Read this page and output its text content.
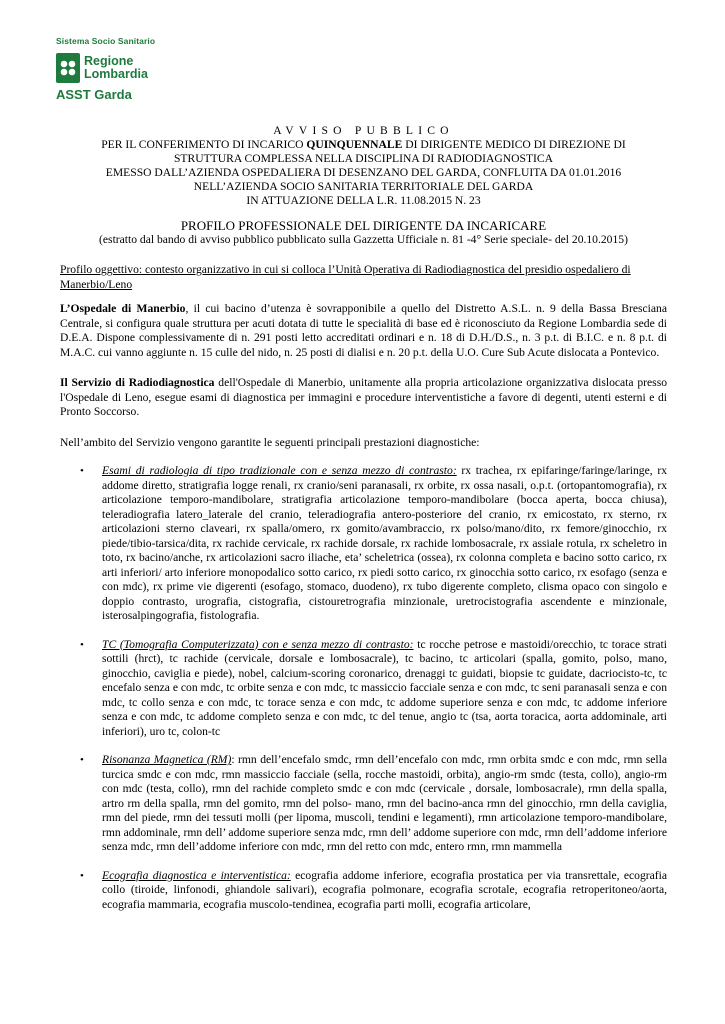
Sistema Socio Sanitario
Regione
Lombardia
ASST Garda
AVVISO PUBBLICO
PER IL CONFERIMENTO DI INCARICO QUINQUENNALE DI DIRIGENTE MEDICO DI DIREZIONE DI
STRUTTURA COMPLESSA NELLA DISCIPLINA DI RADIODIAGNOSTICA
EMESSO DALL’AZIENDA OSPEDALIERA DI DESENZANO DEL GARDA, CONFLUITA DA 01.01.2016
NELL’AZIENDA SOCIO SANITARIA TERRITORIALE DEL GARDA
IN ATTUAZIONE DELLA L.R. 11.08.2015 N. 23
PROFILO PROFESSIONALE DEL DIRIGENTE DA INCARICARE
(estratto dal bando di avviso pubblico pubblicato sulla Gazzetta Ufficiale n. 81 -4° Serie speciale- del 20.10.2015)

Profilo oggettivo: contesto organizzativo in cui si colloca l’Unità Operativa di Radiodiagnostica del presidio ospedaliero di Manerbio/Leno

L’Ospedale di Manerbio, il cui bacino d’utenza è sovrapponibile a quello del Distretto A.S.L. n. 9 della Bassa Bresciana Centrale, si configura quale struttura per acuti dotata di tutte le specialità di base ed è riconosciuto da Regione Lombardia sede di D.E.A. Dispone complessivamente di n. 291 posti letto accreditati ordinari e n. 18 di D.H./D.S., n. 3 p.t. di B.I.C. e n. 8 p.t. di M.A.C. cui vanno aggiunte n. 15 culle del nido, n. 25 posti di dialisi e n. 20 p.t. della U.O. Cure Sub Acute dislocata a Pontevico.

Il Servizio di Radiodiagnostica dell'Ospedale di Manerbio, unitamente alla propria articolazione organizzativa dislocata presso l'Ospedale di Leno, esegue esami di diagnostica per immagini e procedure interventistiche a favore di degenti, utenti esterni e di Pronto Soccorso.

Nell’ambito del Servizio vengono garantite le seguenti principali prestazioni diagnostiche:

• Esami di radiologia di tipo tradizionale con e senza mezzo di contrasto: rx trachea, rx epifaringe/faringe/laringe, rx addome diretto, stratigrafia logge renali, rx cranio/seni paranasali, rx orbite, rx ossa nasali, o.p.t. (ortopantomografia), rx articolazione temporo-mandibolare, stratigrafia articolazione temporo-mandibolare (bocca aperta, bocca chiusa), teleradiografia latero_laterale del cranio, teleradiografia antero-posteriore del cranio, rx emicostato, rx sterno, rx articolazioni sterno claveari, rx spalla/omero, rx gomito/avambraccio, rx polso/mano/dito, rx femore/ginocchio, rx piede/tibio-tarsica/dita, rx rachide cervicale, rx rachide dorsale, rx rachide lombosacrale, rx assiale rotula, rx scheletro in toto, rx bacino/anche, rx articolazioni sacro iliache, eta’ scheletrica (ossea), rx colonna completa e bacino sotto carico, rx arti inferiori/ arto inferiore monopodalico sotto carico, rx piedi sotto carico, rx ginocchia sotto carico, rx esofago (senza e con mdc), rx prime vie digerenti (esofago, stomaco, duodeno), rx tubo digerente completo, clisma opaco con singolo e doppio contrasto, urografia, cistografia, cistouretrografia minzionale, uretrocistografia ascendente e minzionale, isterosalpingografia, fistolografia.
• TC (Tomografia Computerizzata) con e senza mezzo di contrasto: tc rocche petrose e mastoidi/orecchio, tc torace strati sottili (hrct), tc rachide (cervicale, dorsale e lombosacrale), tc bacino, tc articolari (spalla, gomito, polso, mano, ginocchio, caviglia e piede), nobel, calcium-scoring coronarico, drenaggi tc guidati, biopsie tc guidate, dacriocisto-tc, tc encefalo senza e con mdc, tc orbite senza e con mdc, tc massiccio facciale senza e con mdc, tc seni paranasali senza e con mdc, tc collo senza e con mdc, tc torace senza e con mdc, tc addome superiore senza e con mdc, tc addome inferiore senza e con mdc, tc addome completo senza e con mdc, tc del tenue, angio tc (tsa, aorta toracica, aorta addominale, arti inferiori), uro tc, colon-tc
• Risonanza Magnetica (RM): rmn dell’encefalo smdc, rmn dell’encefalo con mdc, rmn orbita smdc e con mdc, rmn sella turcica smdc e con mdc, rmn massiccio facciale (sella, rocche mastoidi, orbita), angio-rm smdc (testa, collo), angio-rm con mdc (testa, collo), rmn del rachide completo smdc e con mdc (cervicale , dorsale, lombosacrale), rmn della spalla, artro rm della spalla, rmn del gomito, rmn del polso‐ mano, rmn del bacino-anca rmn del ginocchio, rmn della caviglia, rmn del piede, rmn dei tessuti molli (per lipoma, muscoli, tendini e legamenti), rmn articolazione temporo-mandibolare, rmn addominale, rmn dell’ addome superiore senza mdc, rmn dell’ addome superiore con mdc, rmn dell’addome inferiore senza mdc, rmn dell’addome inferiore con mdc, rmn del retto con mdc, entero rmn, rmn mammella
• Ecografia diagnostica e interventistica: ecografia addome inferiore, ecografia prostatica per via transrettale, ecografia collo (tiroide, linfonodi, ghiandole salivari), ecografia polmonare, ecografia scrotale, ecografia retroperitoneo/aorta, ecografia mammaria, ecografia muscolo-tendinea, ecografia parti molli, ecografia articolare,
